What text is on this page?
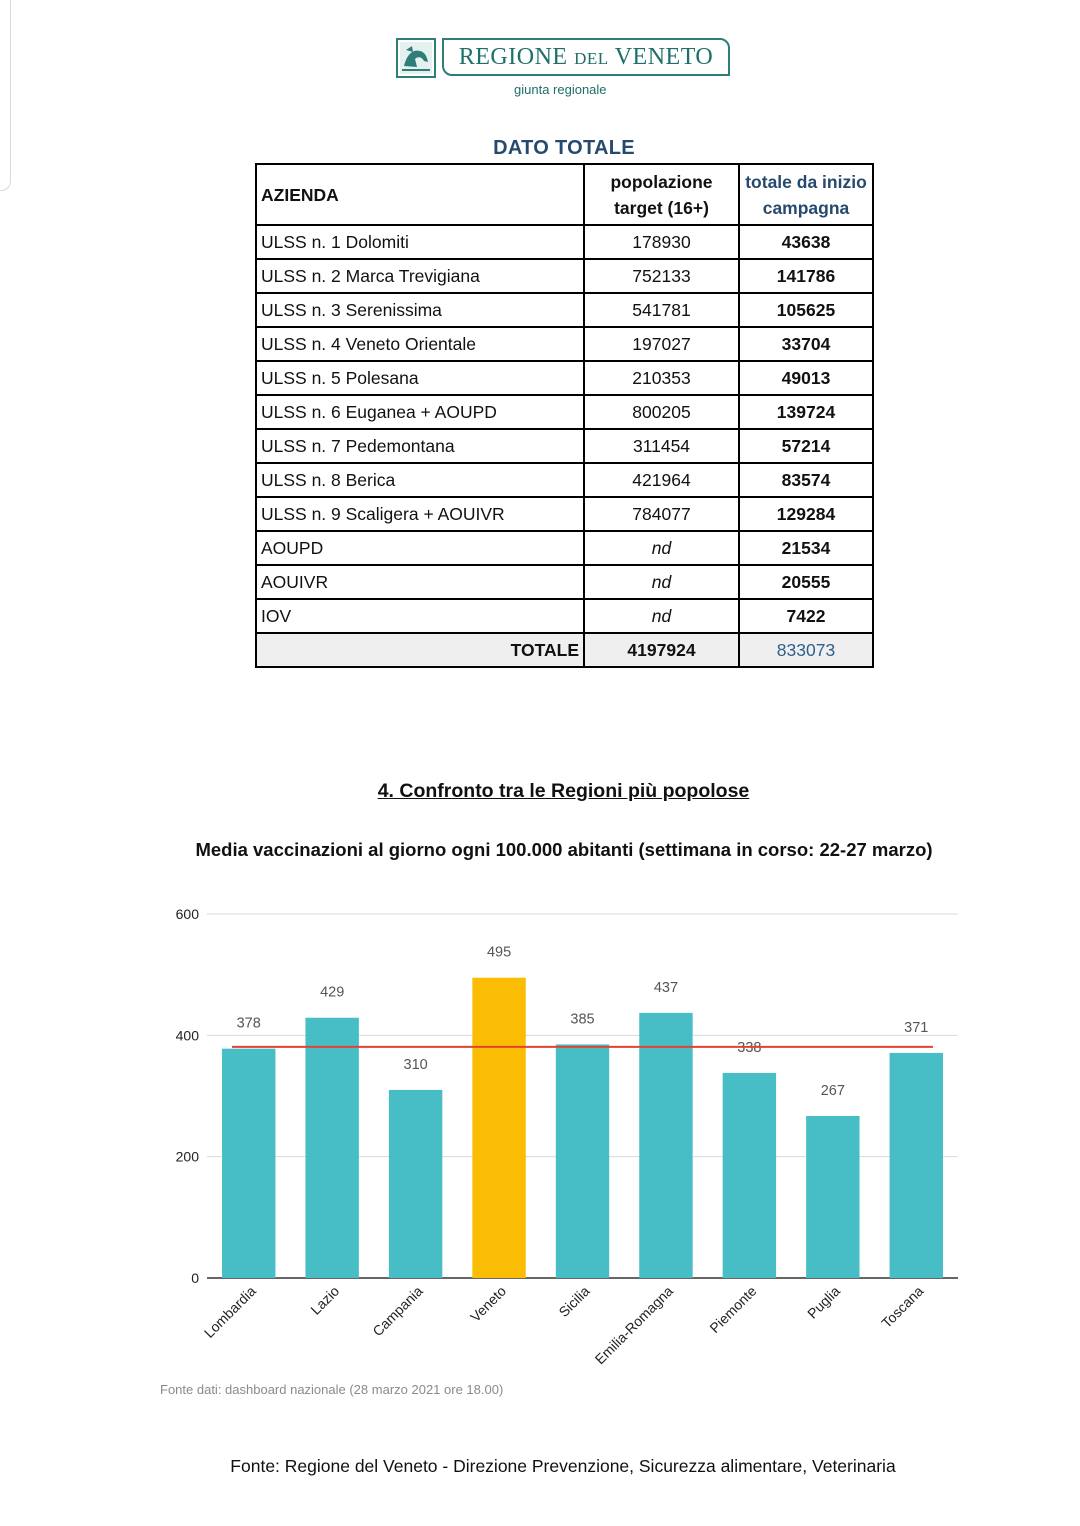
REGIONE DEL VENETO
giunta regionale
DATO TOTALE
AZIENDA	popolazione target (16+)	totale da inizio campagna
ULSS n. 1 Dolomiti	178930	43638
ULSS n. 2 Marca Trevigiana	752133	141786
ULSS n. 3 Serenissima	541781	105625
ULSS n. 4 Veneto Orientale	197027	33704
ULSS n. 5 Polesana	210353	49013
ULSS n. 6 Euganea + AOUPD	800205	139724
ULSS n. 7 Pedemontana	311454	57214
ULSS n. 8 Berica	421964	83574
ULSS n. 9 Scaligera + AOUIVR	784077	129284
AOUPD	nd	21534
AOUIVR	nd	20555
IOV	nd	7422
TOTALE	4197924	833073
4. Confronto tra le Regioni più popolose
Media vaccinazioni al giorno ogni 100.000 abitanti (settimana in corso: 22-27 marzo)
0
200
400
600
378
Lombardia
429
Lazio
310
Campania
495
Veneto
385
Sicilia
437
Emilia-Romagna
338
Piemonte
267
Puglia
371
Toscana
Fonte dati: dashboard nazionale (28 marzo 2021 ore 18.00)
Fonte: Regione del Veneto - Direzione Prevenzione, Sicurezza alimentare, Veterinaria
